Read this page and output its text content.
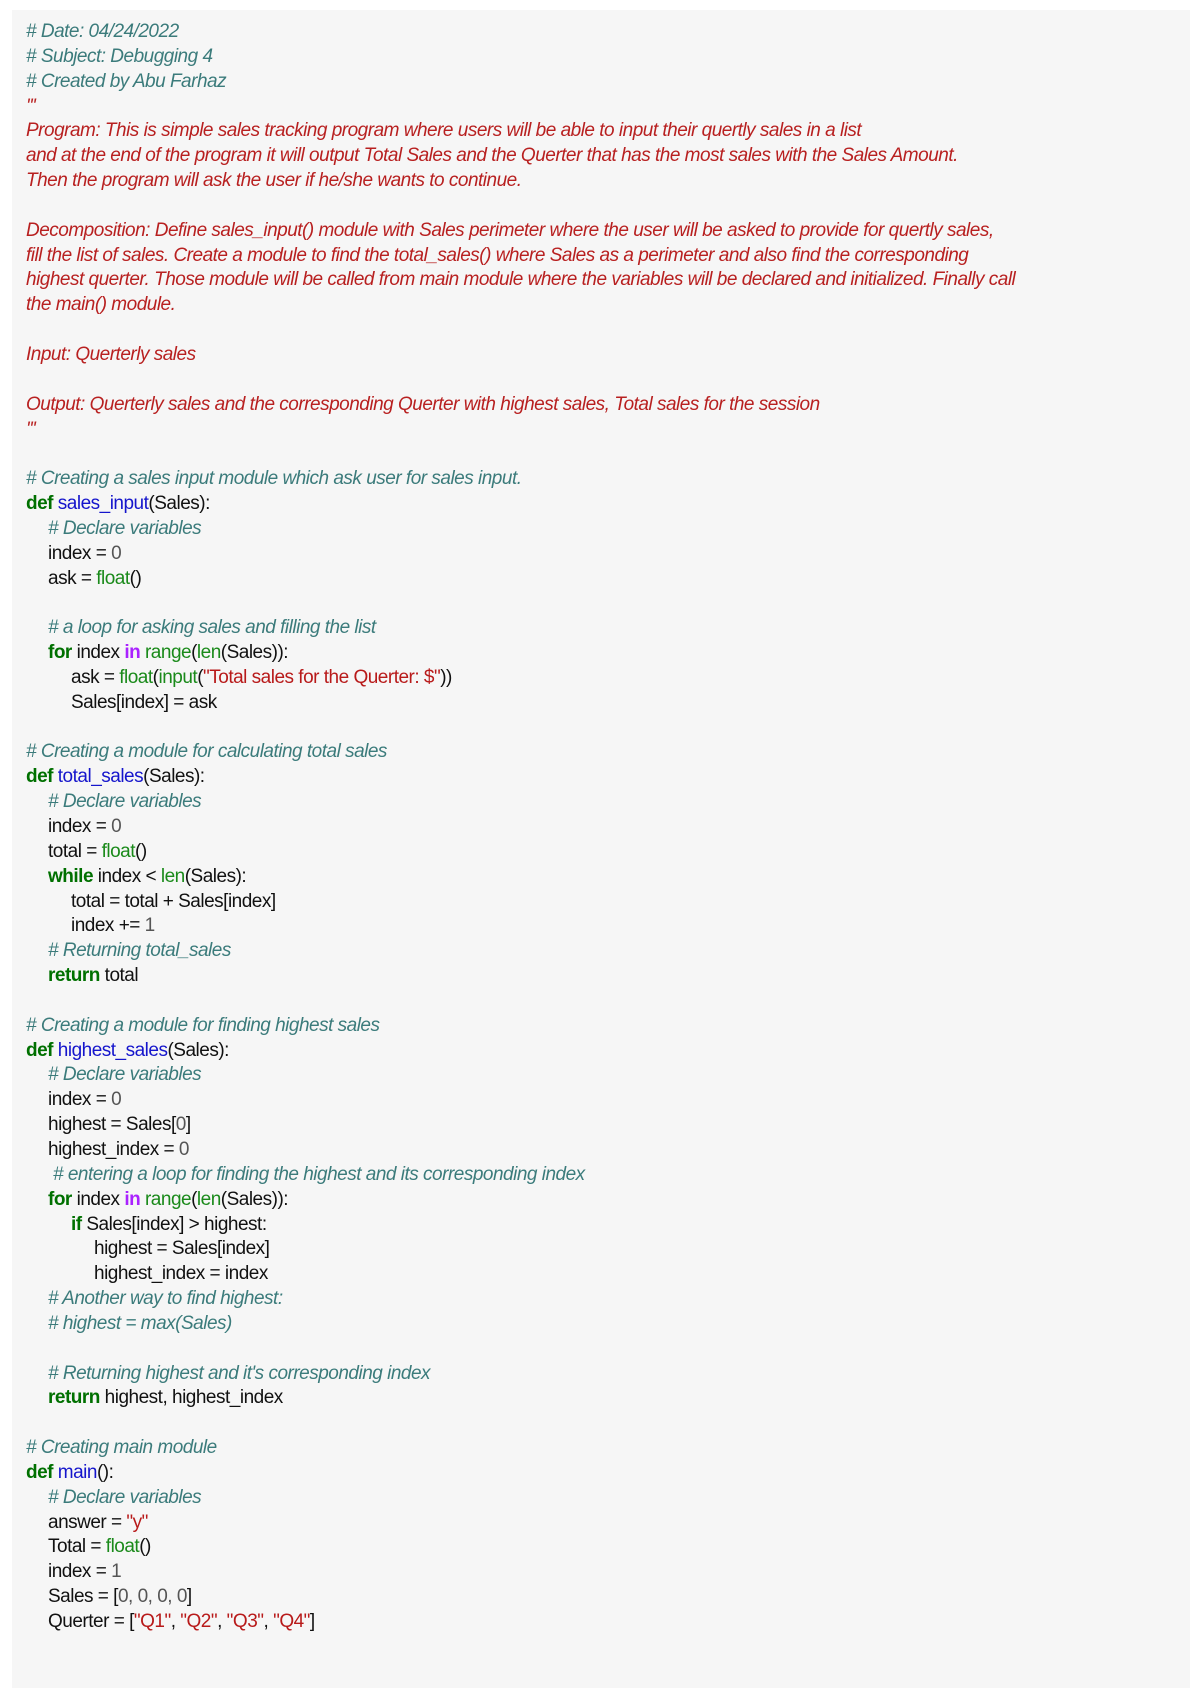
# Date: 04/24/2022
# Subject: Debugging 4
# Created by Abu Farhaz
'''
Program: This is simple sales tracking program where users will be able to input their quertly sales in a list
and at the end of the program it will output Total Sales and the Querter that has the most sales with the Sales Amount.
Then the program will ask the user if he/she wants to continue.
Decomposition: Define sales_input() module with Sales perimeter where the user will be asked to provide for quertly sales,
fill the list of sales. Create a module to find the total_sales() where Sales as a perimeter and also find the corresponding
highest querter. Those module will be called from main module where the variables will be declared and initialized. Finally call
the main() module.
Input: Querterly sales
Output: Querterly sales and the corresponding Querter with highest sales, Total sales for the session
'''
# Creating a sales input module which ask user for sales input.
def sales_input(Sales):
# Declare variables
index = 0
ask = float()
# a loop for asking sales and filling the list
for index in range(len(Sales)):
ask = float(input("Total sales for the Querter: $"))
Sales[index] = ask
# Creating a module for calculating total sales
def total_sales(Sales):
# Declare variables
index = 0
total = float()
while index < len(Sales):
total = total + Sales[index]
index += 1
# Returning total_sales
return total
# Creating a module for finding highest sales
def highest_sales(Sales):
# Declare variables
index = 0
highest = Sales[0]
highest_index = 0
# entering a loop for finding the highest and its corresponding index
for index in range(len(Sales)):
if Sales[index] > highest:
highest = Sales[index]
highest_index = index
# Another way to find highest:
# highest = max(Sales)
# Returning highest and it's corresponding index
return highest, highest_index
# Creating main module
def main():
# Declare variables
answer = "y"
Total = float()
index = 1
Sales = [0, 0, 0, 0]
Querter = ["Q1", "Q2", "Q3", "Q4"]
